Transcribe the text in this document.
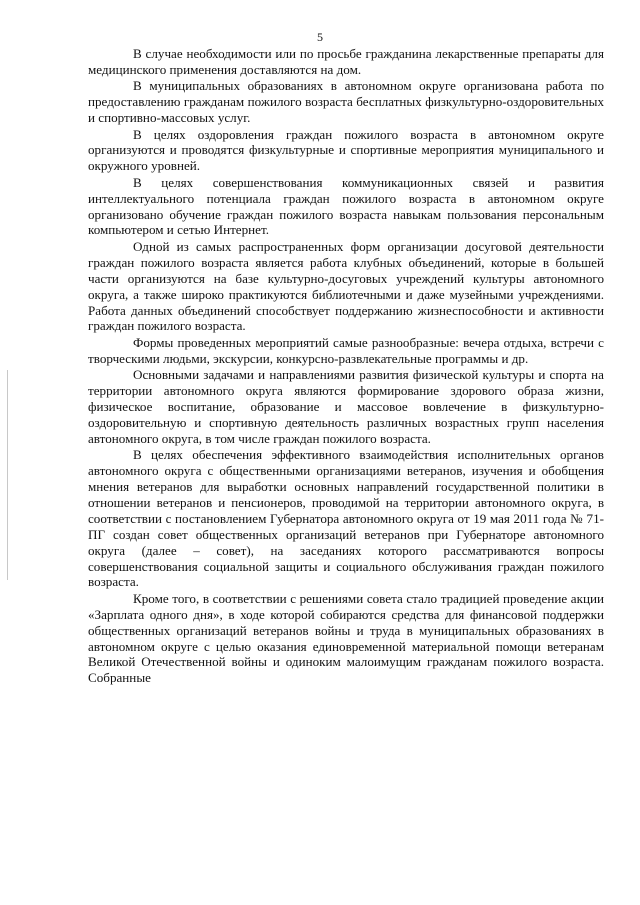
5

В случае необходимости или по просьбе гражданина лекарственные препараты для медицинского применения доставляются на дом.

В муниципальных образованиях в автономном округе организована работа по предоставлению гражданам пожилого возраста бесплатных физкультурно-оздоровительных и спортивно-массовых услуг.

В целях оздоровления граждан пожилого возраста в автономном округе организуются и проводятся физкультурные и спортивные мероприятия муниципального и окружного уровней.

В целях совершенствования коммуникационных связей и развития интеллектуального потенциала граждан пожилого возраста в автономном округе организовано обучение граждан пожилого возраста навыкам пользования персональным компьютером и сетью Интернет.

Одной из самых распространенных форм организации досуговой деятельности граждан пожилого возраста является работа клубных объединений, которые в большей части организуются на базе культурно-досуговых учреждений культуры автономного округа, а также широко практикуются библиотечными и даже музейными учреждениями. Работа данных объединений способствует поддержанию жизнеспособности и активности граждан пожилого возраста.

Формы проведенных мероприятий самые разнообразные: вечера отдыха, встречи с творческими людьми, экскурсии, конкурсно-развлекательные программы и др.

Основными задачами и направлениями развития физической культуры и спорта на территории автономного округа являются формирование здорового образа жизни, физическое воспитание, образование и массовое вовлечение в физкультурно-оздоровительную и спортивную деятельность различных возрастных групп населения автономного округа, в том числе граждан пожилого возраста.

В целях обеспечения эффективного взаимодействия исполнительных органов автономного округа с общественными организациями ветеранов, изучения и обобщения мнения ветеранов для выработки основных направлений государственной политики в отношении ветеранов и пенсионеров, проводимой на территории автономного округа, в соответствии с постановлением Губернатора автономного округа от 19 мая 2011 года № 71-ПГ создан совет общественных организаций ветеранов при Губернаторе автономного округа (далее – совет), на заседаниях которого рассматриваются вопросы совершенствования социальной защиты и социального обслуживания граждан пожилого возраста.

Кроме того, в соответствии с решениями совета стало традицией проведение акции «Зарплата одного дня», в ходе которой собираются средства для финансовой поддержки общественных организаций ветеранов войны и труда в муниципальных образованиях в автономном округе с целью оказания единовременной материальной помощи ветеранам Великой Отечественной войны и одиноким малоимущим гражданам пожилого возраста. Собранные
